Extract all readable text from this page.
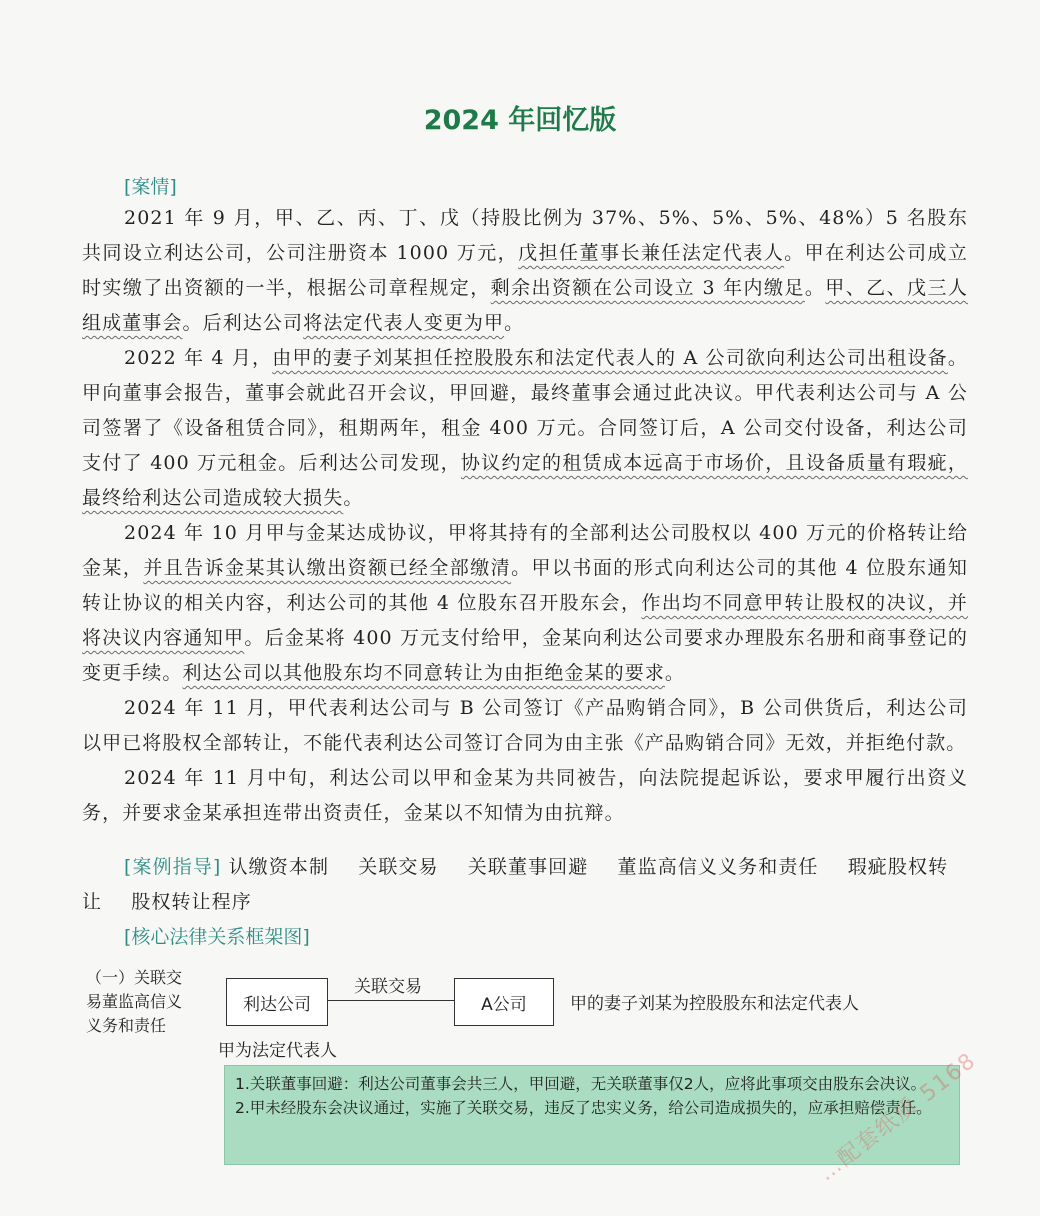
2024 年回忆版
[案情]

2021 年 9 月，甲、乙、丙、丁、戊（持股比例为 37%、5%、5%、5%、48%）5 名股东共同设立利达公司，公司注册资本 1000 万元，戊担任董事长兼任法定代表人。甲在利达公司成立时实缴了出资额的一半，根据公司章程规定，剩余出资额在公司设立 3 年内缴足。甲、乙、戊三人组成董事会。后利达公司将法定代表人变更为甲。

2022 年 4 月，由甲的妻子刘某担任控股股东和法定代表人的 A 公司欲向利达公司出租设备。甲向董事会报告，董事会就此召开会议，甲回避，最终董事会通过此决议。甲代表利达公司与 A 公司签署了《设备租赁合同》，租期两年，租金 400 万元。合同签订后，A 公司交付设备，利达公司支付了 400 万元租金。后利达公司发现，协议约定的租赁成本远高于市场价，且设备质量有瑕疵，最终给利达公司造成较大损失。

2024 年 10 月甲与金某达成协议，甲将其持有的全部利达公司股权以 400 万元的价格转让给金某，并且告诉金某其认缴出资额已经全部缴清。甲以书面的形式向利达公司的其他 4 位股东通知转让协议的相关内容，利达公司的其他 4 位股东召开股东会，作出均不同意甲转让股权的决议，并将决议内容通知甲。后金某将 400 万元支付给甲，金某向利达公司要求办理股东名册和商事登记的变更手续。利达公司以其他股东均不同意转让为由拒绝金某的要求。

2024 年 11 月，甲代表利达公司与 B 公司签订《产品购销合同》，B 公司供货后，利达公司以甲已将股权全部转让，不能代表利达公司签订合同为由主张《产品购销合同》无效，并拒绝付款。

2024 年 11 月中旬，利达公司以甲和金某为共同被告，向法院提起诉讼，要求甲履行出资义务，并要求金某承担连带出资责任，金某以不知情为由抗辩。

[案例指导] 认缴资本制 关联交易 关联董事回避 董监高信义义务和责任 瑕疵股权转让 股权转让程序
[核心法律关系框架图]
（一）关联交易董监高信义义务和责任
利达公司
关联交易
A公司	甲的妻子刘某为控股股东和法定代表人
甲为法定代表人
1.关联董事回避：利达公司董事会共三人，甲回避，无关联董事仅2人，应将此事项交由股东会决议。
2.甲未经股东会决议通过，实施了关联交易，违反了忠实义务，给公司造成损失的，应承担赔偿责任。
…配套纸质 5168
